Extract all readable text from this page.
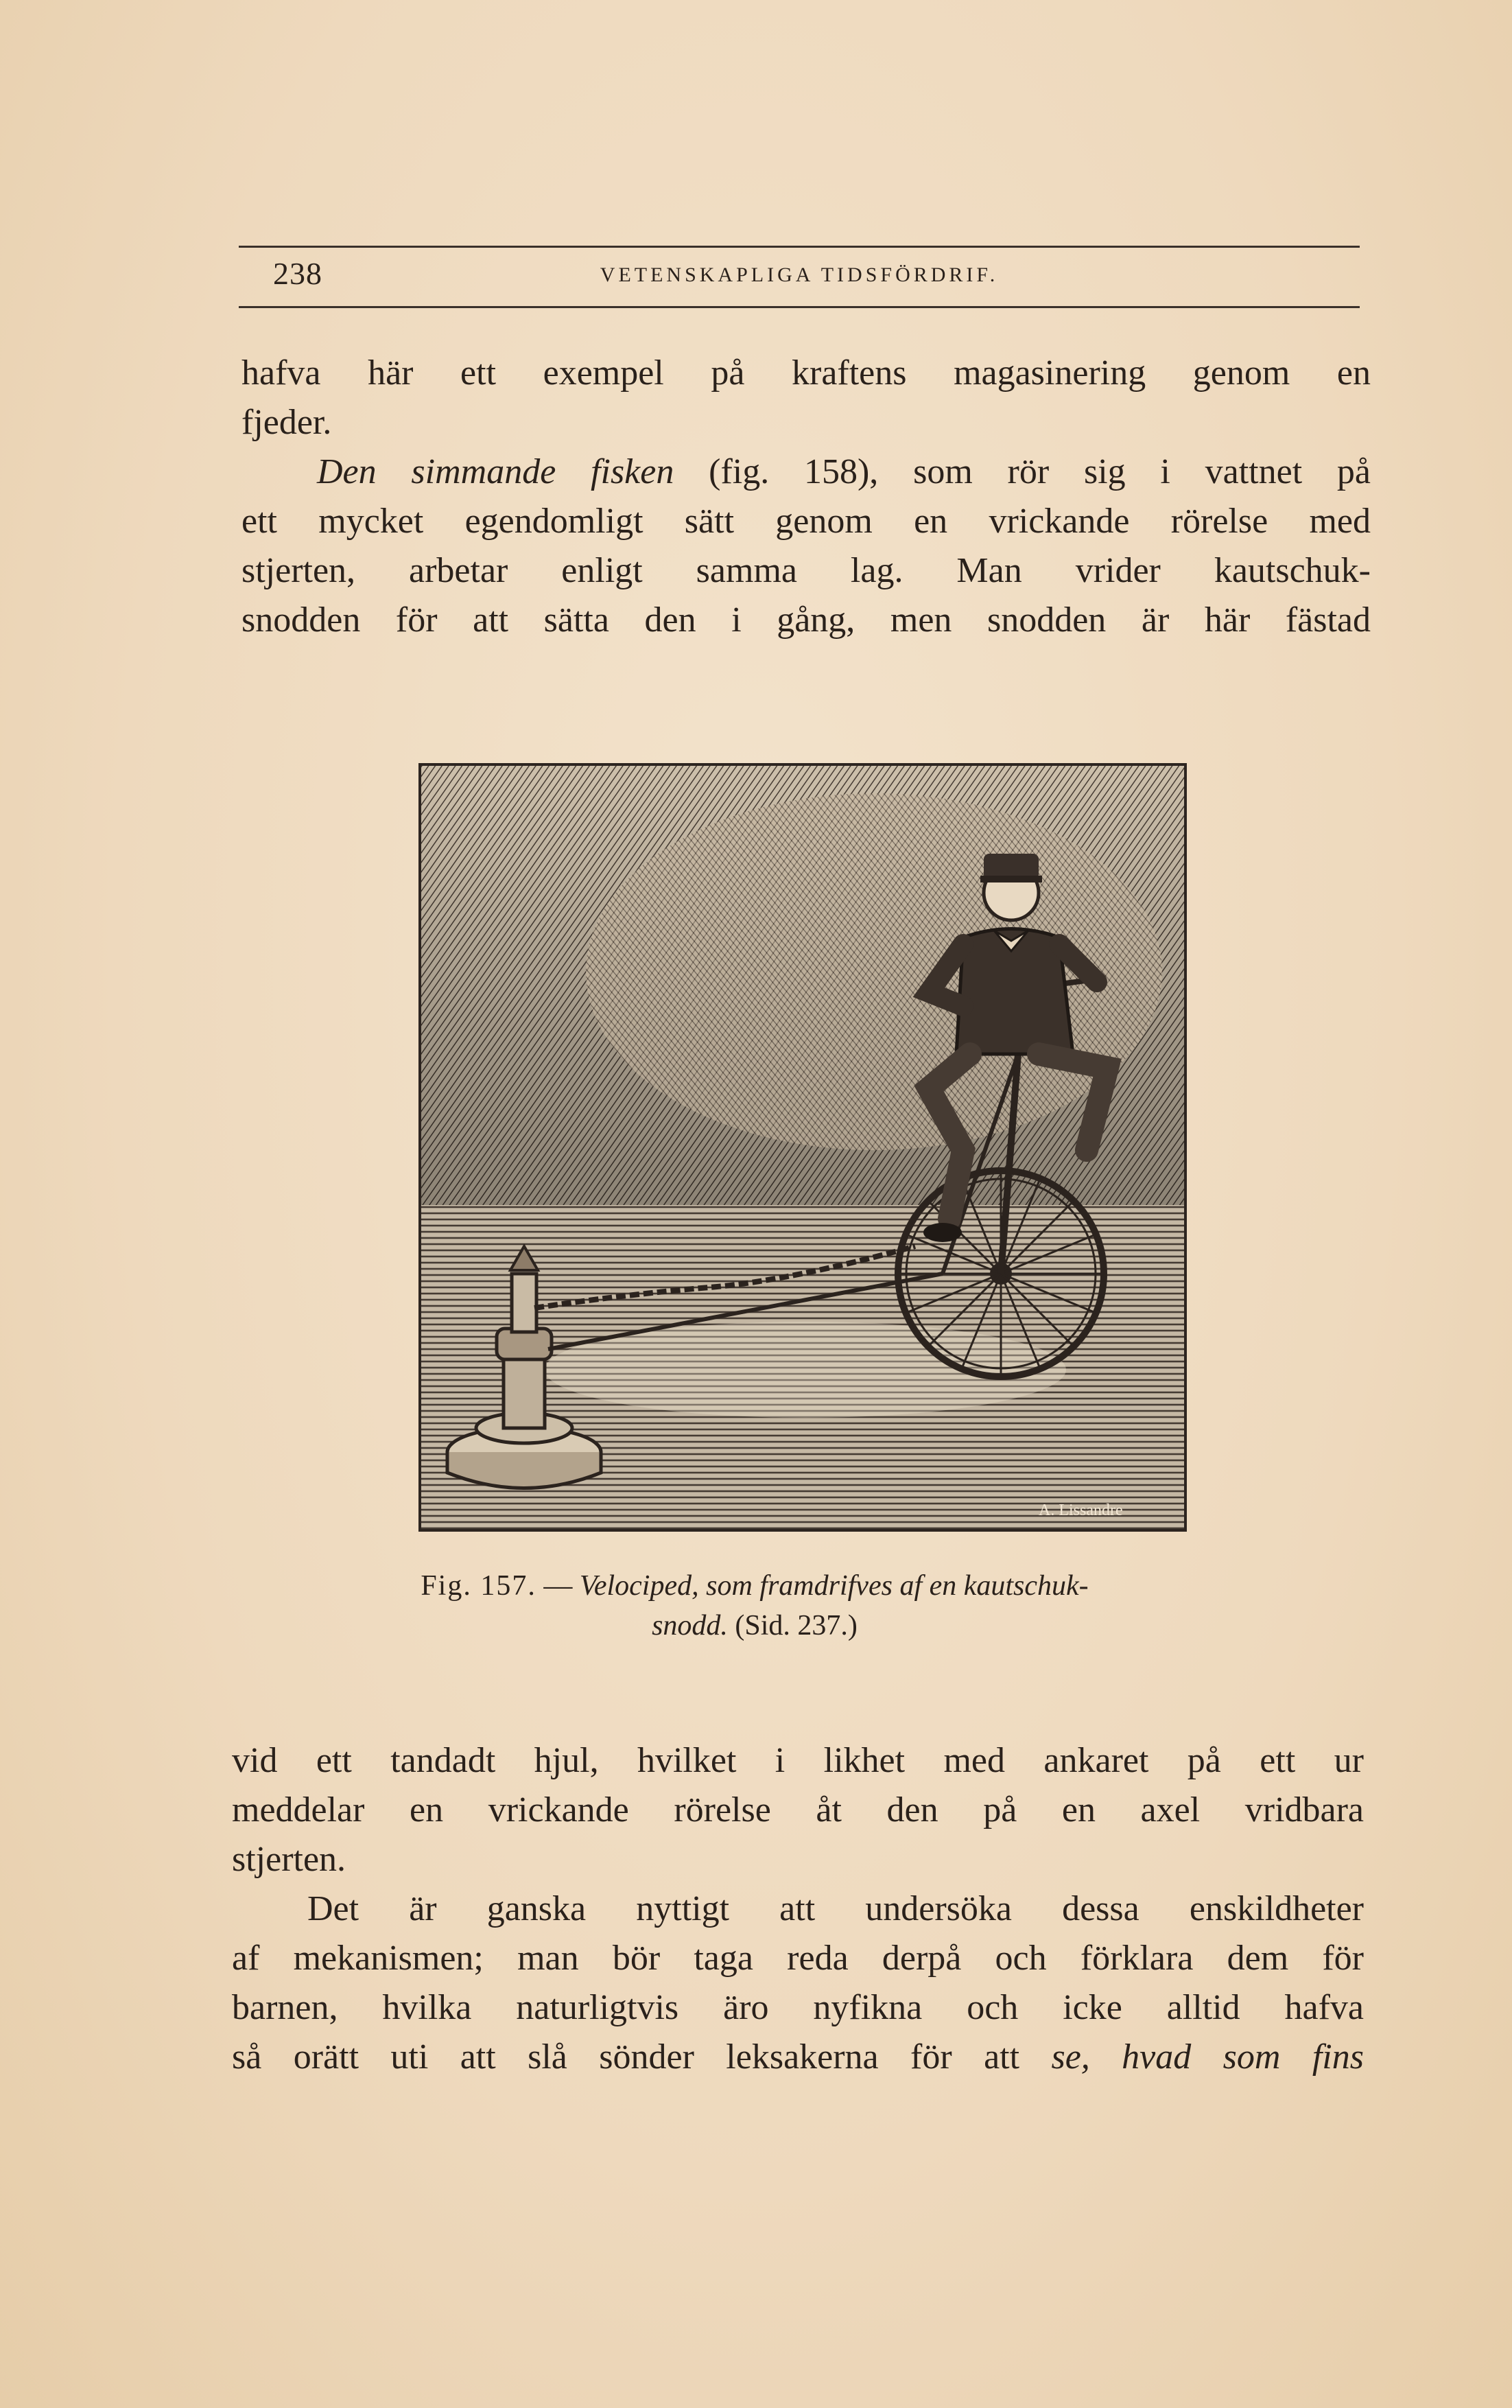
238	VETENSKAPLIGA TIDSFÖRDRIF.
hafva här ett exempel på kraftens magasinering genom en
fjeder.
Den simmande fisken (fig. 158), som rör sig i vattnet på
ett mycket egendomligt sätt genom en vrickande rörelse med
stjerten, arbetar enligt samma lag. Man vrider kautschuk-
snodden för att sätta den i gång, men snodden är här fästad
A. Lissandre
Fig. 157. — Velociped, som framdrifves af en kautschuk-
snodd. (Sid. 237.)
vid ett tandadt hjul, hvilket i likhet med ankaret på ett ur
meddelar en vrickande rörelse åt den på en axel vridbara
stjerten.
Det är ganska nyttigt att undersöka dessa enskildheter
af mekanismen; man bör taga reda derpå och förklara dem för
barnen, hvilka naturligtvis äro nyfikna och icke alltid hafva
så orätt uti att slå sönder leksakerna för att se, hvad som fins
